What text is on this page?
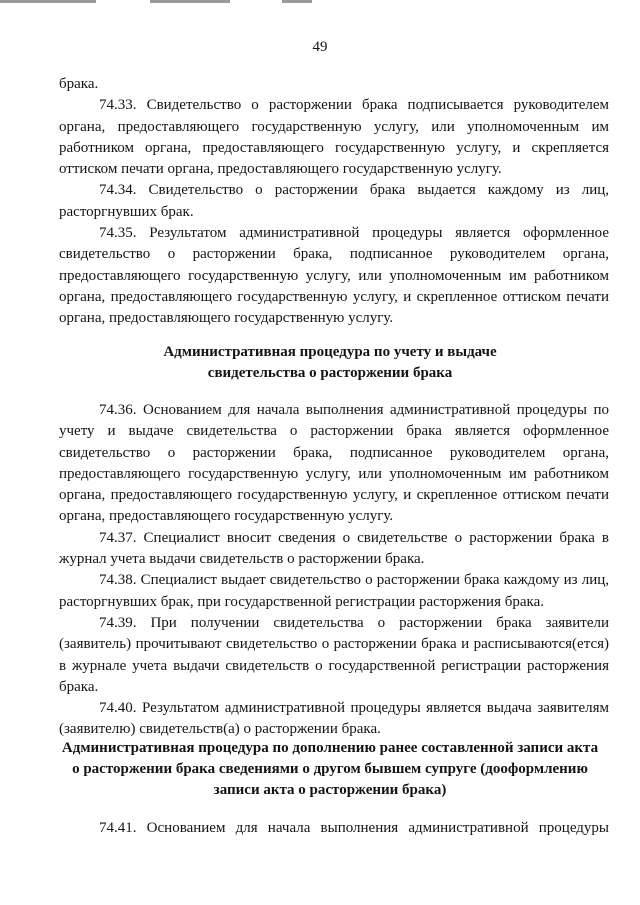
49

брака.

74.33. Свидетельство о расторжении брака подписывается руководителем органа, предоставляющего государственную услугу, или уполномоченным им работником органа, предоставляющего государственную услугу, и скрепляется оттиском печати органа, предоставляющего государственную услугу.

74.34. Свидетельство о расторжении брака выдается каждому из лиц, расторгнувших брак.

74.35. Результатом административной процедуры является оформленное свидетельство о расторжении брака, подписанное руководителем органа, предоставляющего государственную услугу, или уполномоченным им работником органа, предоставляющего государственную услугу, и скрепленное оттиском печати органа, предоставляющего государственную услугу.

Административная процедура по учету и выдаче
свидетельства о расторжении брака

74.36. Основанием для начала выполнения административной процедуры по учету и выдаче свидетельства о расторжении брака является оформленное свидетельство о расторжении брака, подписанное руководителем органа, предоставляющего государственную услугу, или уполномоченным им работником органа, предоставляющего государственную услугу, и скрепленное оттиском печати органа, предоставляющего государственную услугу.

74.37. Специалист вносит сведения о свидетельстве о расторжении брака в журнал учета выдачи свидетельств о расторжении брака.

74.38. Специалист выдает свидетельство о расторжении брака каждому из лиц, расторгнувших брак, при государственной регистрации расторжения брака.

74.39. При получении свидетельства о расторжении брака заявители (заявитель) прочитывают свидетельство о расторжении брака и расписываются(ется) в журнале учета выдачи свидетельств о государственной регистрации расторжения брака.

74.40. Результатом административной процедуры является выдача заявителям (заявителю) свидетельств(а) о расторжении брака.

Административная процедура по дополнению ранее составленной записи акта
о расторжении брака сведениями о другом бывшем супруге (дооформлению
записи акта о расторжении брака)

74.41. Основанием для начала выполнения административной процедуры
